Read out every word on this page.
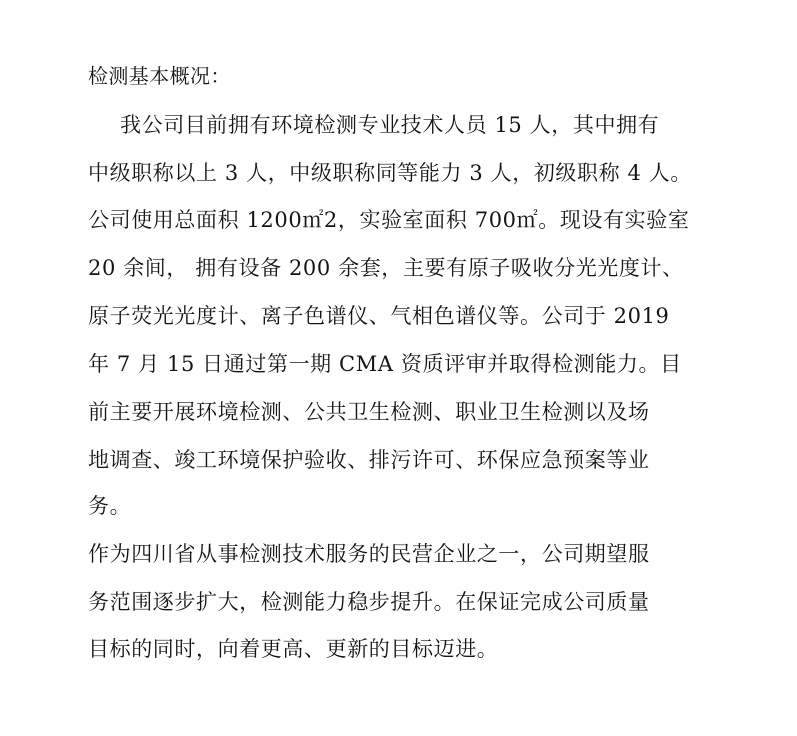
检测基本概况：

我公司目前拥有环境检测专业技术人员 15 人，其中拥有

中级职称以上 3 人，中级职称同等能力 3 人，初级职称 4 人。

公司使用总面积 1200㎡2，实验室面积 700㎡。现设有实验室

20 余间， 拥有设备 200 余套，主要有原子吸收分光光度计、

原子荧光光度计、离子色谱仪、气相色谱仪等。公司于 2019

年 7 月 15 日通过第一期 CMA 资质评审并取得检测能力。目

前主要开展环境检测、公共卫生检测、职业卫生检测以及场

地调查、竣工环境保护验收、排污许可、环保应急预案等业

务。

作为四川省从事检测技术服务的民营企业之一，公司期望服

务范围逐步扩大，检测能力稳步提升。在保证完成公司质量

目标的同时，向着更高、更新的目标迈进。
